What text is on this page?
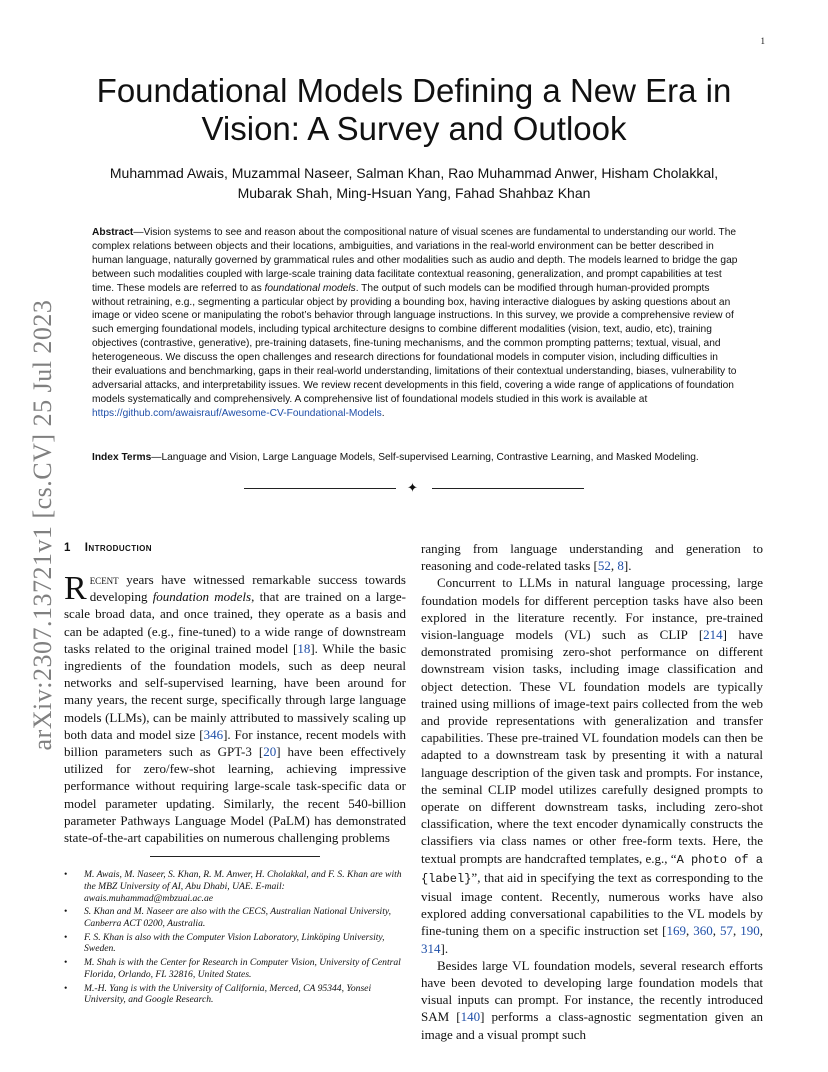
1
arXiv:2307.13721v1 [cs.CV] 25 Jul 2023
Foundational Models Defining a New Era in Vision: A Survey and Outlook
Muhammad Awais, Muzammal Naseer, Salman Khan, Rao Muhammad Anwer, Hisham Cholakkal,
Mubarak Shah, Ming-Hsuan Yang, Fahad Shahbaz Khan
Abstract—Vision systems to see and reason about the compositional nature of visual scenes are fundamental to understanding our world. The complex relations between objects and their locations, ambiguities, and variations in the real-world environment can be better described in human language, naturally governed by grammatical rules and other modalities such as audio and depth. The models learned to bridge the gap between such modalities coupled with large-scale training data facilitate contextual reasoning, generalization, and prompt capabilities at test time. These models are referred to as foundational models. The output of such models can be modified through human-provided prompts without retraining, e.g., segmenting a particular object by providing a bounding box, having interactive dialogues by asking questions about an image or video scene or manipulating the robot’s behavior through language instructions. In this survey, we provide a comprehensive review of such emerging foundational models, including typical architecture designs to combine different modalities (vision, text, audio, etc), training objectives (contrastive, generative), pre-training datasets, fine-tuning mechanisms, and the common prompting patterns; textual, visual, and heterogeneous. We discuss the open challenges and research directions for foundational models in computer vision, including difficulties in their evaluations and benchmarking, gaps in their real-world understanding, limitations of their contextual understanding, biases, vulnerability to adversarial attacks, and interpretability issues. We review recent developments in this field, covering a wide range of applications of foundation models systematically and comprehensively. A comprehensive list of foundational models studied in this work is available at https://github.com/awaisrauf/Awesome-CV-Foundational-Models.
Index Terms—Language and Vision, Large Language Models, Self-supervised Learning, Contrastive Learning, and Masked Modeling.
✦
1 Introduction

Recent years have witnessed remarkable success towards developing foundation models, that are trained on a large-scale broad data, and once trained, they operate as a basis and can be adapted (e.g., fine-tuned) to a wide range of downstream tasks related to the original trained model [18]. While the basic ingredients of the foundation models, such as deep neural networks and self-supervised learning, have been around for many years, the recent surge, specifically through large language models (LLMs), can be mainly attributed to massively scaling up both data and model size [346]. For instance, recent models with billion parameters such as GPT-3 [20] have been effectively utilized for zero/few-shot learning, achieving impressive performance without requiring large-scale task-specific data or model parameter updating. Similarly, the recent 540-billion parameter Pathways Language Model (PaLM) has demonstrated state-of-the-art capabilities on numerous challenging problems

• M. Awais, M. Naseer, S. Khan, R. M. Anwer, H. Cholakkal, and F. S. Khan are with the MBZ University of AI, Abu Dhabi, UAE. E-mail: awais.muhammad@mbzuai.ac.ae
• S. Khan and M. Naseer are also with the CECS, Australian National University, Canberra ACT 0200, Australia.
• F. S. Khan is also with the Computer Vision Laboratory, Linköping University, Sweden.
• M. Shah is with the Center for Research in Computer Vision, University of Central Florida, Orlando, FL 32816, United States.
• M.-H. Yang is with the University of California, Merced, CA 95344, Yonsei University, and Google Research.

ranging from language understanding and generation to reasoning and code-related tasks [52, 8].

Concurrent to LLMs in natural language processing, large foundation models for different perception tasks have also been explored in the literature recently. For instance, pre-trained vision-language models (VL) such as CLIP [214] have demonstrated promising zero-shot performance on different downstream vision tasks, including image classification and object detection. These VL foundation models are typically trained using millions of image-text pairs collected from the web and provide representations with generalization and transfer capabilities. These pre-trained VL foundation models can then be adapted to a downstream task by presenting it with a natural language description of the given task and prompts. For instance, the seminal CLIP model utilizes carefully designed prompts to operate on different downstream tasks, including zero-shot classification, where the text encoder dynamically constructs the classifiers via class names or other free-form texts. Here, the textual prompts are handcrafted templates, e.g., “A photo of a {label}”, that aid in specifying the text as corresponding to the visual image content. Recently, numerous works have also explored adding conversational capabilities to the VL models by fine-tuning them on a specific instruction set [169, 360, 57, 190, 314].

Besides large VL foundation models, several research efforts have been devoted to developing large foundation models that visual inputs can prompt. For instance, the recently introduced SAM [140] performs a class-agnostic segmentation given an image and a visual prompt such
